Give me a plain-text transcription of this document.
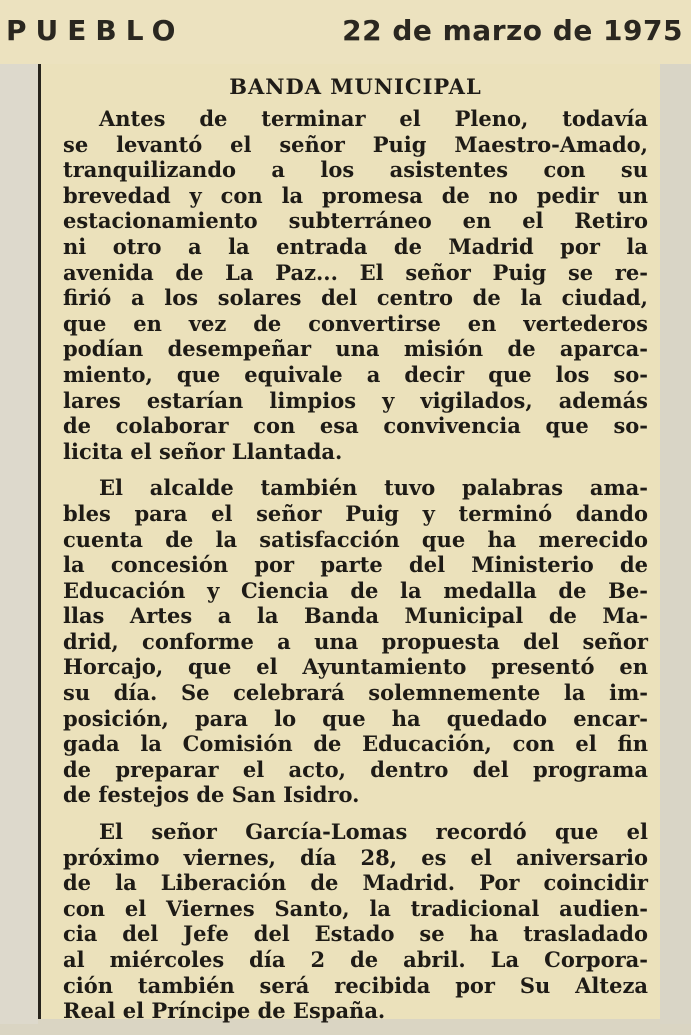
PUEBLO	22 de marzo de 1975
BANDA MUNICIPAL
Antes de terminar el Pleno, todavía
se levantó el señor Puig Maestro-Amado,
tranquilizando a los asistentes con su
brevedad y con la promesa de no pedir un
estacionamiento subterráneo en el Retiro
ni otro a la entrada de Madrid por la
avenida de La Paz... El señor Puig se re-
firió a los solares del centro de la ciudad,
que en vez de convertirse en vertederos
podían desempeñar una misión de aparca-
miento, que equivale a decir que los so-
lares estarían limpios y vigilados, además
de colaborar con esa convivencia que so-
licita el señor Llantada.
El alcalde también tuvo palabras ama-
bles para el señor Puig y terminó dando
cuenta de la satisfacción que ha merecido
la concesión por parte del Ministerio de
Educación y Ciencia de la medalla de Be-
llas Artes a la Banda Municipal de Ma-
drid, conforme a una propuesta del señor
Horcajo, que el Ayuntamiento presentó en
su día. Se celebrará solemnemente la im-
posición, para lo que ha quedado encar-
gada la Comisión de Educación, con el fin
de preparar el acto, dentro del programa
de festejos de San Isidro.
El señor García-Lomas recordó que el
próximo viernes, día 28, es el aniversario
de la Liberación de Madrid. Por coincidir
con el Viernes Santo, la tradicional audien-
cia del Jefe del Estado se ha trasladado
al miércoles día 2 de abril. La Corpora-
ción también será recibida por Su Alteza
Real el Príncipe de España.
